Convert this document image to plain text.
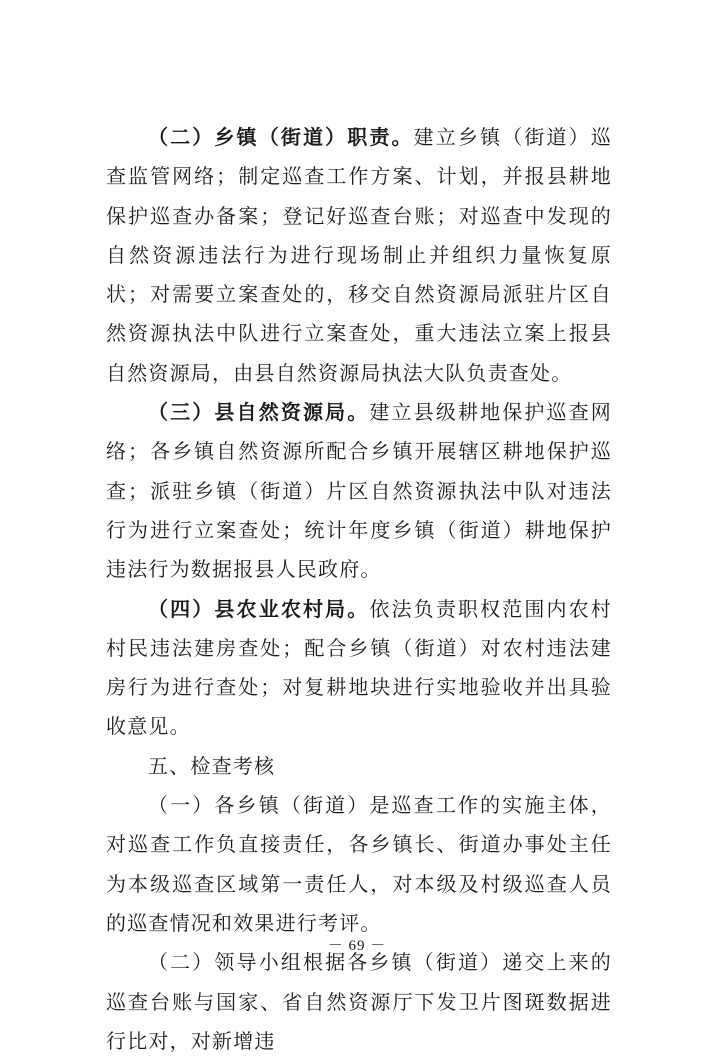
（二）乡镇（街道）职责。建立乡镇（街道）巡查监管网络；制定巡查工作方案、计划，并报县耕地保护巡查办备案；登记好巡查台账；对巡查中发现的自然资源违法行为进行现场制止并组织力量恢复原状；对需要立案查处的，移交自然资源局派驻片区自然资源执法中队进行立案查处，重大违法立案上报县自然资源局，由县自然资源局执法大队负责查处。

（三）县自然资源局。建立县级耕地保护巡查网络；各乡镇自然资源所配合乡镇开展辖区耕地保护巡查；派驻乡镇（街道）片区自然资源执法中队对违法行为进行立案查处；统计年度乡镇（街道）耕地保护违法行为数据报县人民政府。

（四）县农业农村局。依法负责职权范围内农村村民违法建房查处；配合乡镇（街道）对农村违法建房行为进行查处；对复耕地块进行实地验收并出具验收意见。

五、检查考核

（一）各乡镇（街道）是巡查工作的实施主体，对巡查工作负直接责任，各乡镇长、街道办事处主任为本级巡查区域第一责任人，对本级及村级巡查人员的巡查情况和效果进行考评。

（二）领导小组根据各乡镇（街道）递交上来的巡查台账与国家、省自然资源厅下发卫片图斑数据进行比对，对新增违

－ 69 －
